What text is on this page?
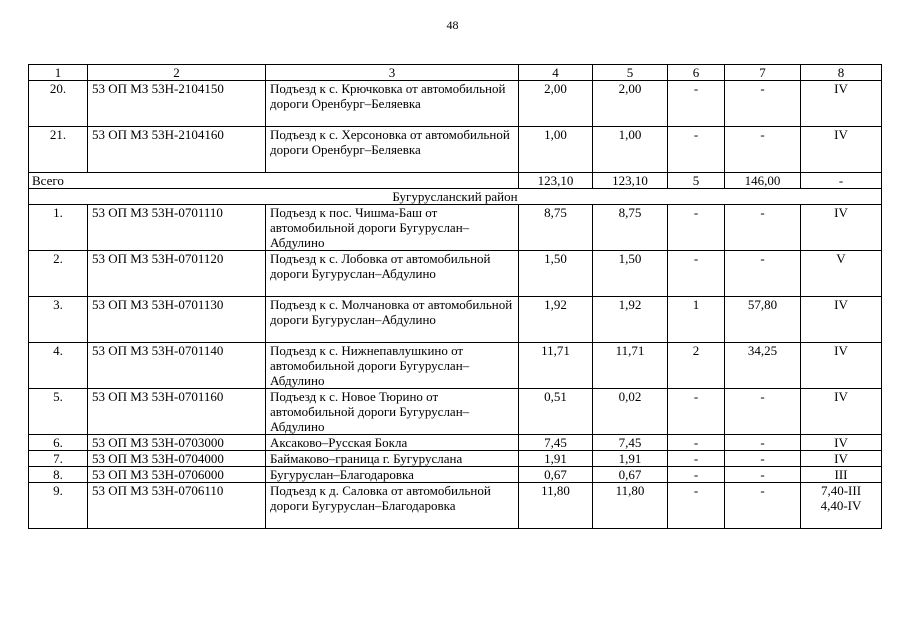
48
1	2	3	4	5	6	7	8
20.	53 ОП МЗ 53Н-2104150	Подъезд к с. Крючковка от автомобильной дороги Оренбург–Беляевка	2,00	2,00	-	-	IV
21.	53 ОП МЗ 53Н-2104160	Подъезд к с. Херсоновка от автомобильной дороги Оренбург–Беляевка	1,00	1,00	-	-	IV
Всего			123,10	123,10	5	146,00	-
Бугурусланский район							
1.	53 ОП МЗ 53Н-0701110	Подъезд к пос. Чишма-Баш от автомобильной дороги Бугуруслан–Абдулино	8,75	8,75	-	-	IV
2.	53 ОП МЗ 53Н-0701120	Подъезд к с. Лобовка от автомобильной дороги Бугуруслан–Абдулино	1,50	1,50	-	-	V
3.	53 ОП МЗ 53Н-0701130	Подъезд к с. Молчановка от автомобильной дороги Бугуруслан–Абдулино	1,92	1,92	1	57,80	IV
4.	53 ОП МЗ 53Н-0701140	Подъезд к с. Нижнепавлушкино от автомобильной дороги Бугуруслан–Абдулино	11,71	11,71	2	34,25	IV
5.	53 ОП МЗ 53Н-0701160	Подъезд к с. Новое Тюрино от автомобильной дороги Бугуруслан–Абдулино	0,51	0,02	-	-	IV
6.	53 ОП МЗ 53Н-0703000	Аксаково–Русская Бокла	7,45	7,45	-	-	IV
7.	53 ОП МЗ 53Н-0704000	Баймаково–граница г. Бугуруслана	1,91	1,91	-	-	IV
8.	53 ОП МЗ 53Н-0706000	Бугуруслан–Благодаровка	0,67	0,67	-	-	III
9.	53 ОП МЗ 53Н-0706110	Подъезд к д. Саловка от автомобильной дороги Бугуруслан–Благодаровка	11,80	11,80	-	-	7,40-III
4,40-IV
